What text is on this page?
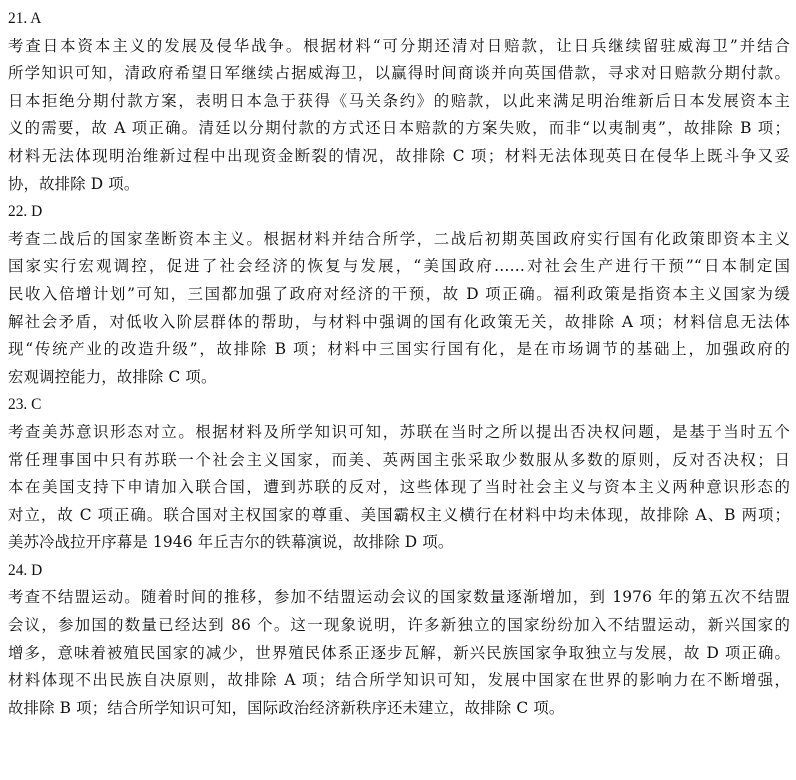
21. A
考查日本资本主义的发展及侵华战争。根据材料“可分期还清对日赔款，让日兵继续留驻威海卫”并结合
所学知识可知，清政府希望日军继续占据威海卫，以赢得时间商谈并向英国借款，寻求对日赔款分期付款。
日本拒绝分期付款方案，表明日本急于获得《马关条约》的赔款，以此来满足明治维新后日本发展资本主
义的需要，故 A 项正确。清廷以分期付款的方式还日本赔款的方案失败，而非“以夷制夷”，故排除 B 项；
材料无法体现明治维新过程中出现资金断裂的情况，故排除 C 项；材料无法体现英日在侵华上既斗争又妥
协，故排除 D 项。
22. D
考查二战后的国家垄断资本主义。根据材料并结合所学，二战后初期英国政府实行国有化政策即资本主义
国家实行宏观调控，促进了社会经济的恢复与发展，“美国政府……对社会生产进行干预”“日本制定国
民收入倍增计划”可知，三国都加强了政府对经济的干预，故 D 项正确。福利政策是指资本主义国家为缓
解社会矛盾，对低收入阶层群体的帮助，与材料中强调的国有化政策无关，故排除 A 项；材料信息无法体
现“传统产业的改造升级”，故排除 B 项；材料中三国实行国有化，是在市场调节的基础上，加强政府的
宏观调控能力，故排除 C 项。
23. C
考查美苏意识形态对立。根据材料及所学知识可知，苏联在当时之所以提出否决权问题，是基于当时五个
常任理事国中只有苏联一个社会主义国家，而美、英两国主张采取少数服从多数的原则，反对否决权；日
本在美国支持下申请加入联合国，遭到苏联的反对，这些体现了当时社会主义与资本主义两种意识形态的
对立，故 C 项正确。联合国对主权国家的尊重、美国霸权主义横行在材料中均未体现，故排除 A、B 两项；
美苏冷战拉开序幕是 1946 年丘吉尔的铁幕演说，故排除 D 项。
24. D
考查不结盟运动。随着时间的推移，参加不结盟运动会议的国家数量逐渐增加，到 1976 年的第五次不结盟
会议，参加国的数量已经达到 86 个。这一现象说明，许多新独立的国家纷纷加入不结盟运动，新兴国家的
增多，意味着被殖民国家的减少，世界殖民体系正逐步瓦解，新兴民族国家争取独立与发展，故 D 项正确。
材料体现不出民族自决原则，故排除 A 项；结合所学知识可知，发展中国家在世界的影响力在不断增强，
故排除 B 项；结合所学知识可知，国际政治经济新秩序还未建立，故排除 C 项。
